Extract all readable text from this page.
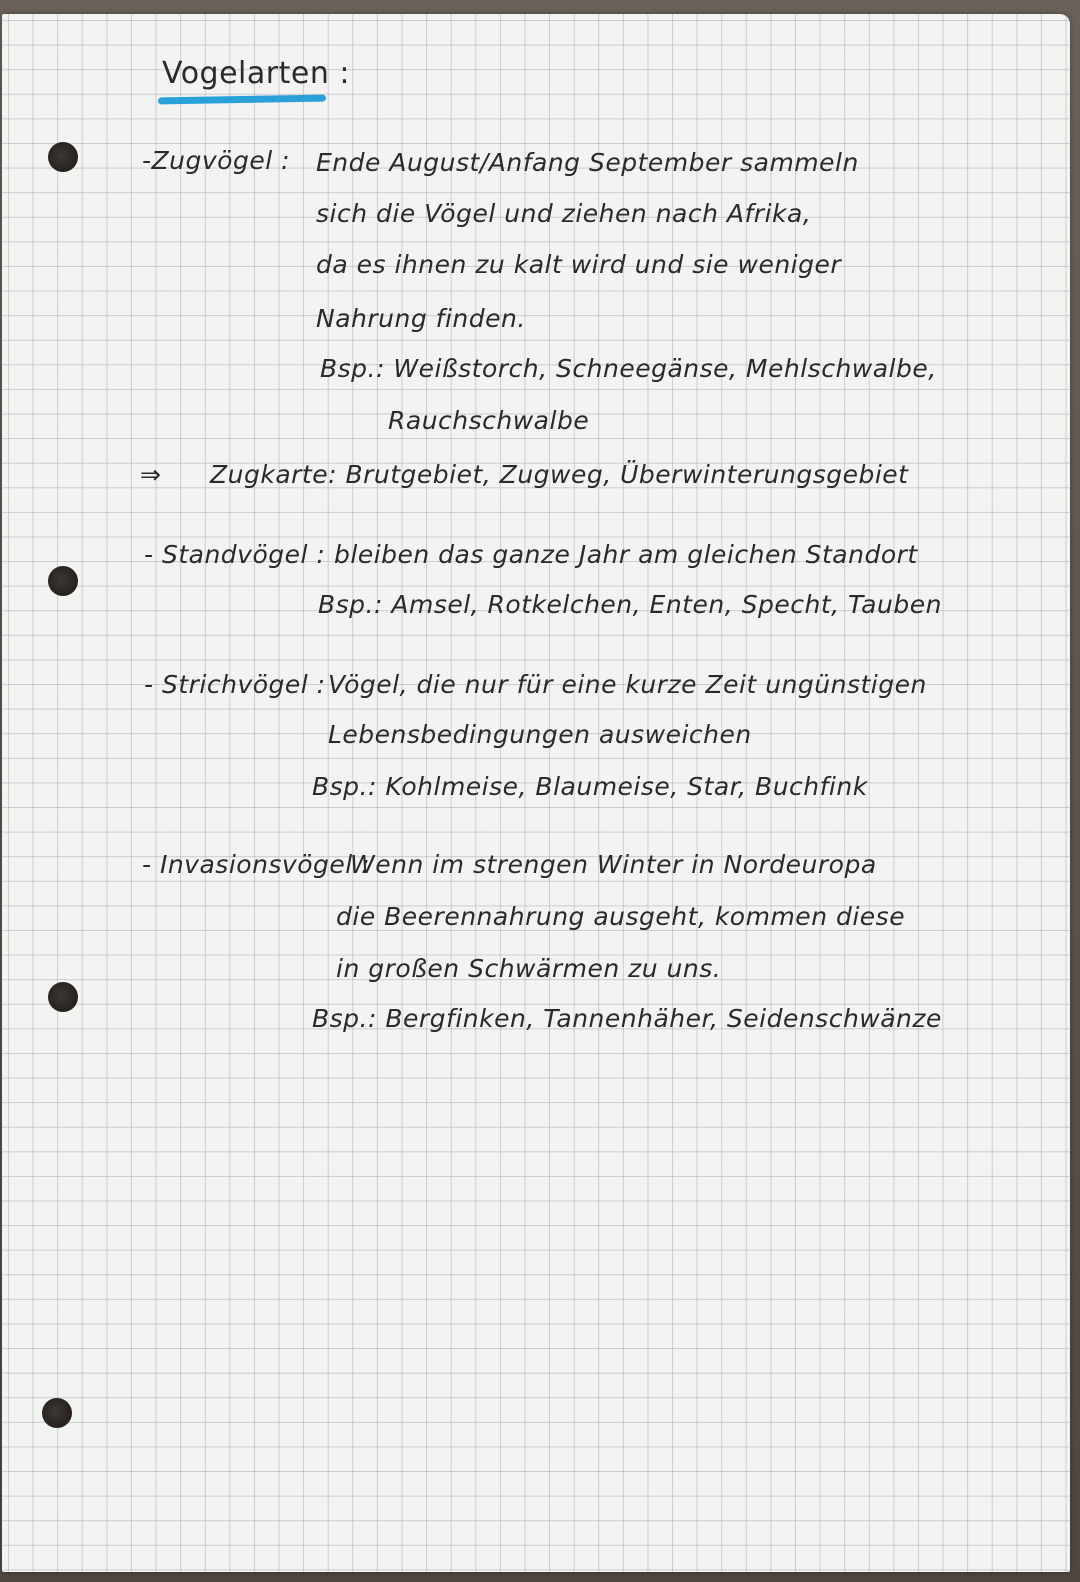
Vogelarten :
-Zugvögel : Ende August/Anfang September sammeln
sich die Vögel und ziehen nach Afrika,
da es ihnen zu kalt wird und sie weniger
Nahrung finden.
Bsp.: Weißstorch, Schneegänse, Mehlschwalbe,
Rauchschwalbe
⇒ Zugkarte: Brutgebiet, Zugweg, Überwinterungsgebiet
- Standvögel : bleiben das ganze Jahr am gleichen Standort
Bsp.: Amsel, Rotkelchen, Enten, Specht, Tauben
- Strichvögel : Vögel, die nur für eine kurze Zeit ungünstigen
Lebensbedingungen ausweichen
Bsp.: Kohlmeise, Blaumeise, Star, Buchfink
- Invasionsvögel :
Wenn im strengen Winter in Nordeuropa
die Beerennahrung ausgeht, kommen diese
in großen Schwärmen zu uns.
Bsp.: Bergfinken, Tannenhäher, Seidenschwänze
